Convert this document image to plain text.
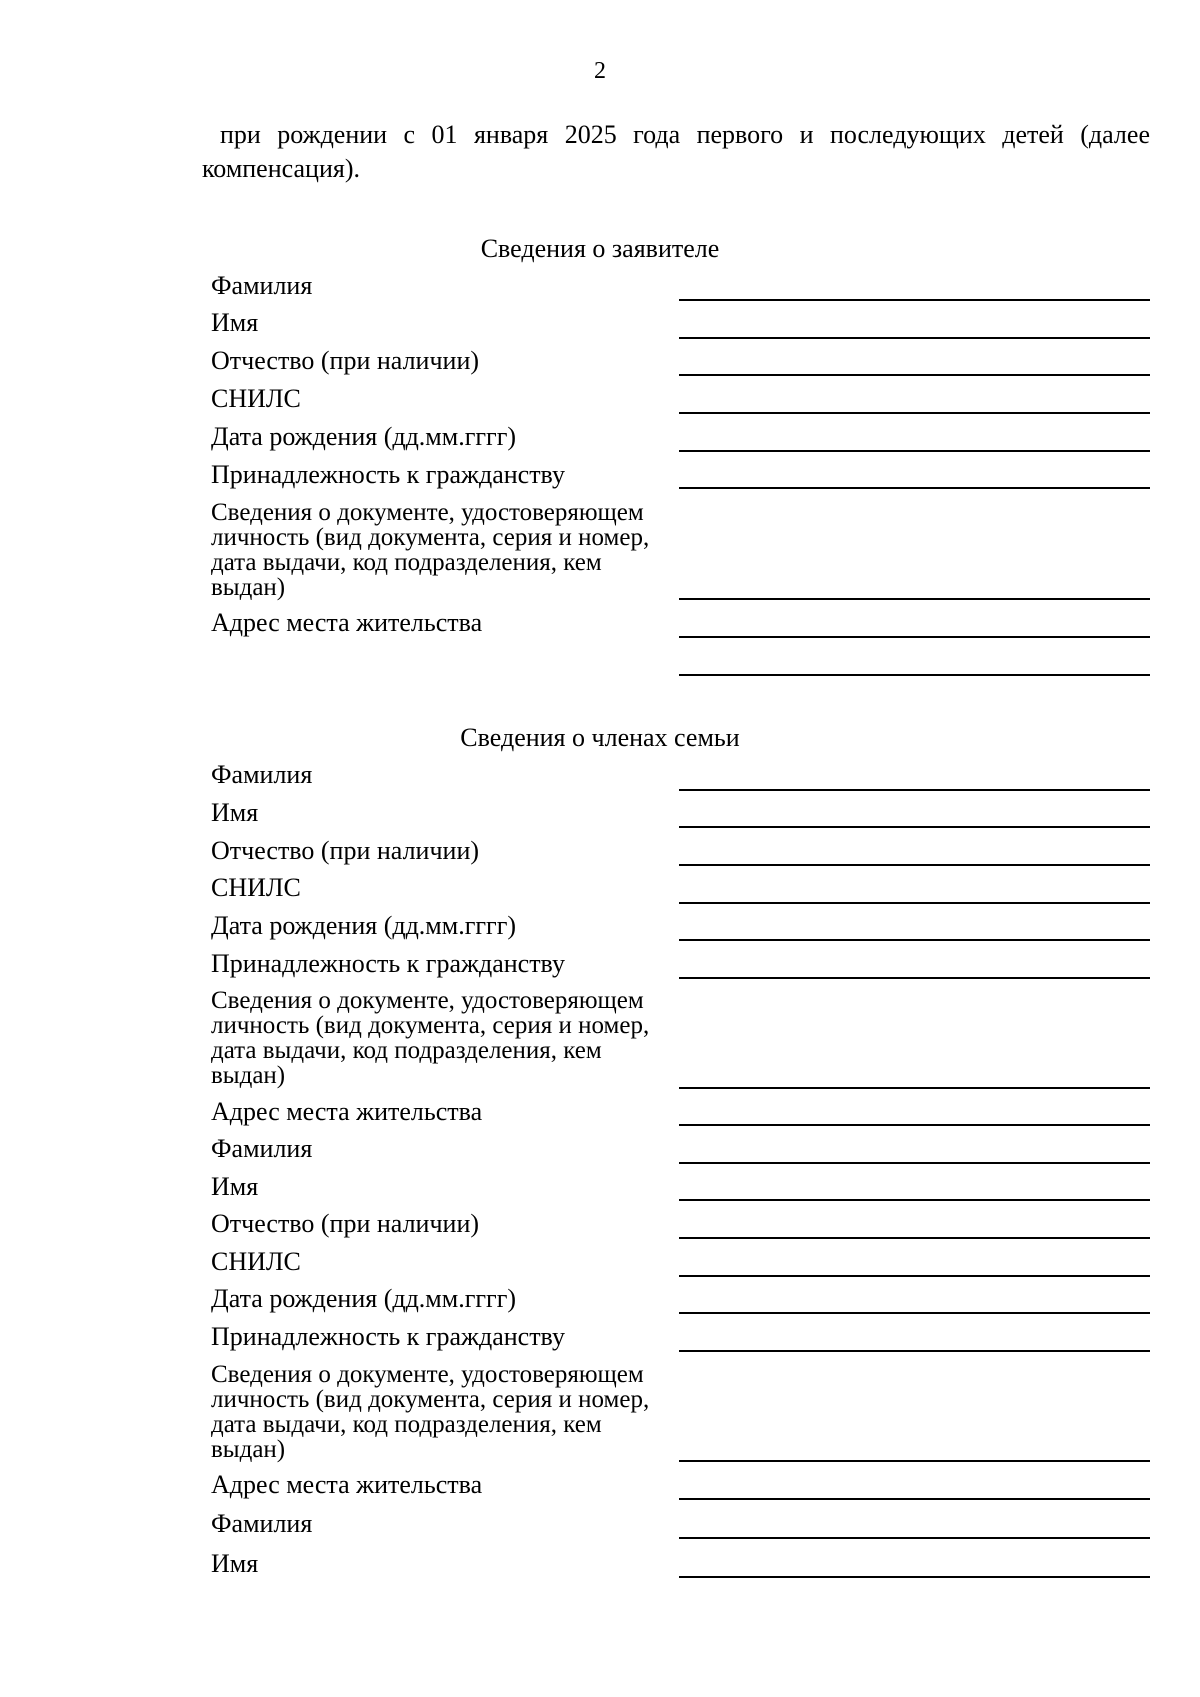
2
при рождении с 01 января 2025 года первого и последующих детей (далее компенсация).
Сведения о заявителе
Сведения о членах семьи
Фамилия
Имя
Отчество (при наличии)
СНИЛС
Дата рождения (дд.мм.гггг)
Принадлежность к гражданству
Сведения о документе, удостоверяющем личность (вид документа, серия и номер, дата выдачи, код подразделения, кем выдан)
Адрес места жительства
Фамилия
Имя
Отчество (при наличии)
СНИЛС
Дата рождения (дд.мм.гггг)
Принадлежность к гражданству
Сведения о документе, удостоверяющем личность (вид документа, серия и номер, дата выдачи, код подразделения, кем выдан)
Адрес места жительства
Фамилия
Имя
Отчество (при наличии)
СНИЛС
Дата рождения (дд.мм.гггг)
Принадлежность к гражданству
Сведения о документе, удостоверяющем личность (вид документа, серия и номер, дата выдачи, код подразделения, кем выдан)
Адрес места жительства
Фамилия
Имя
